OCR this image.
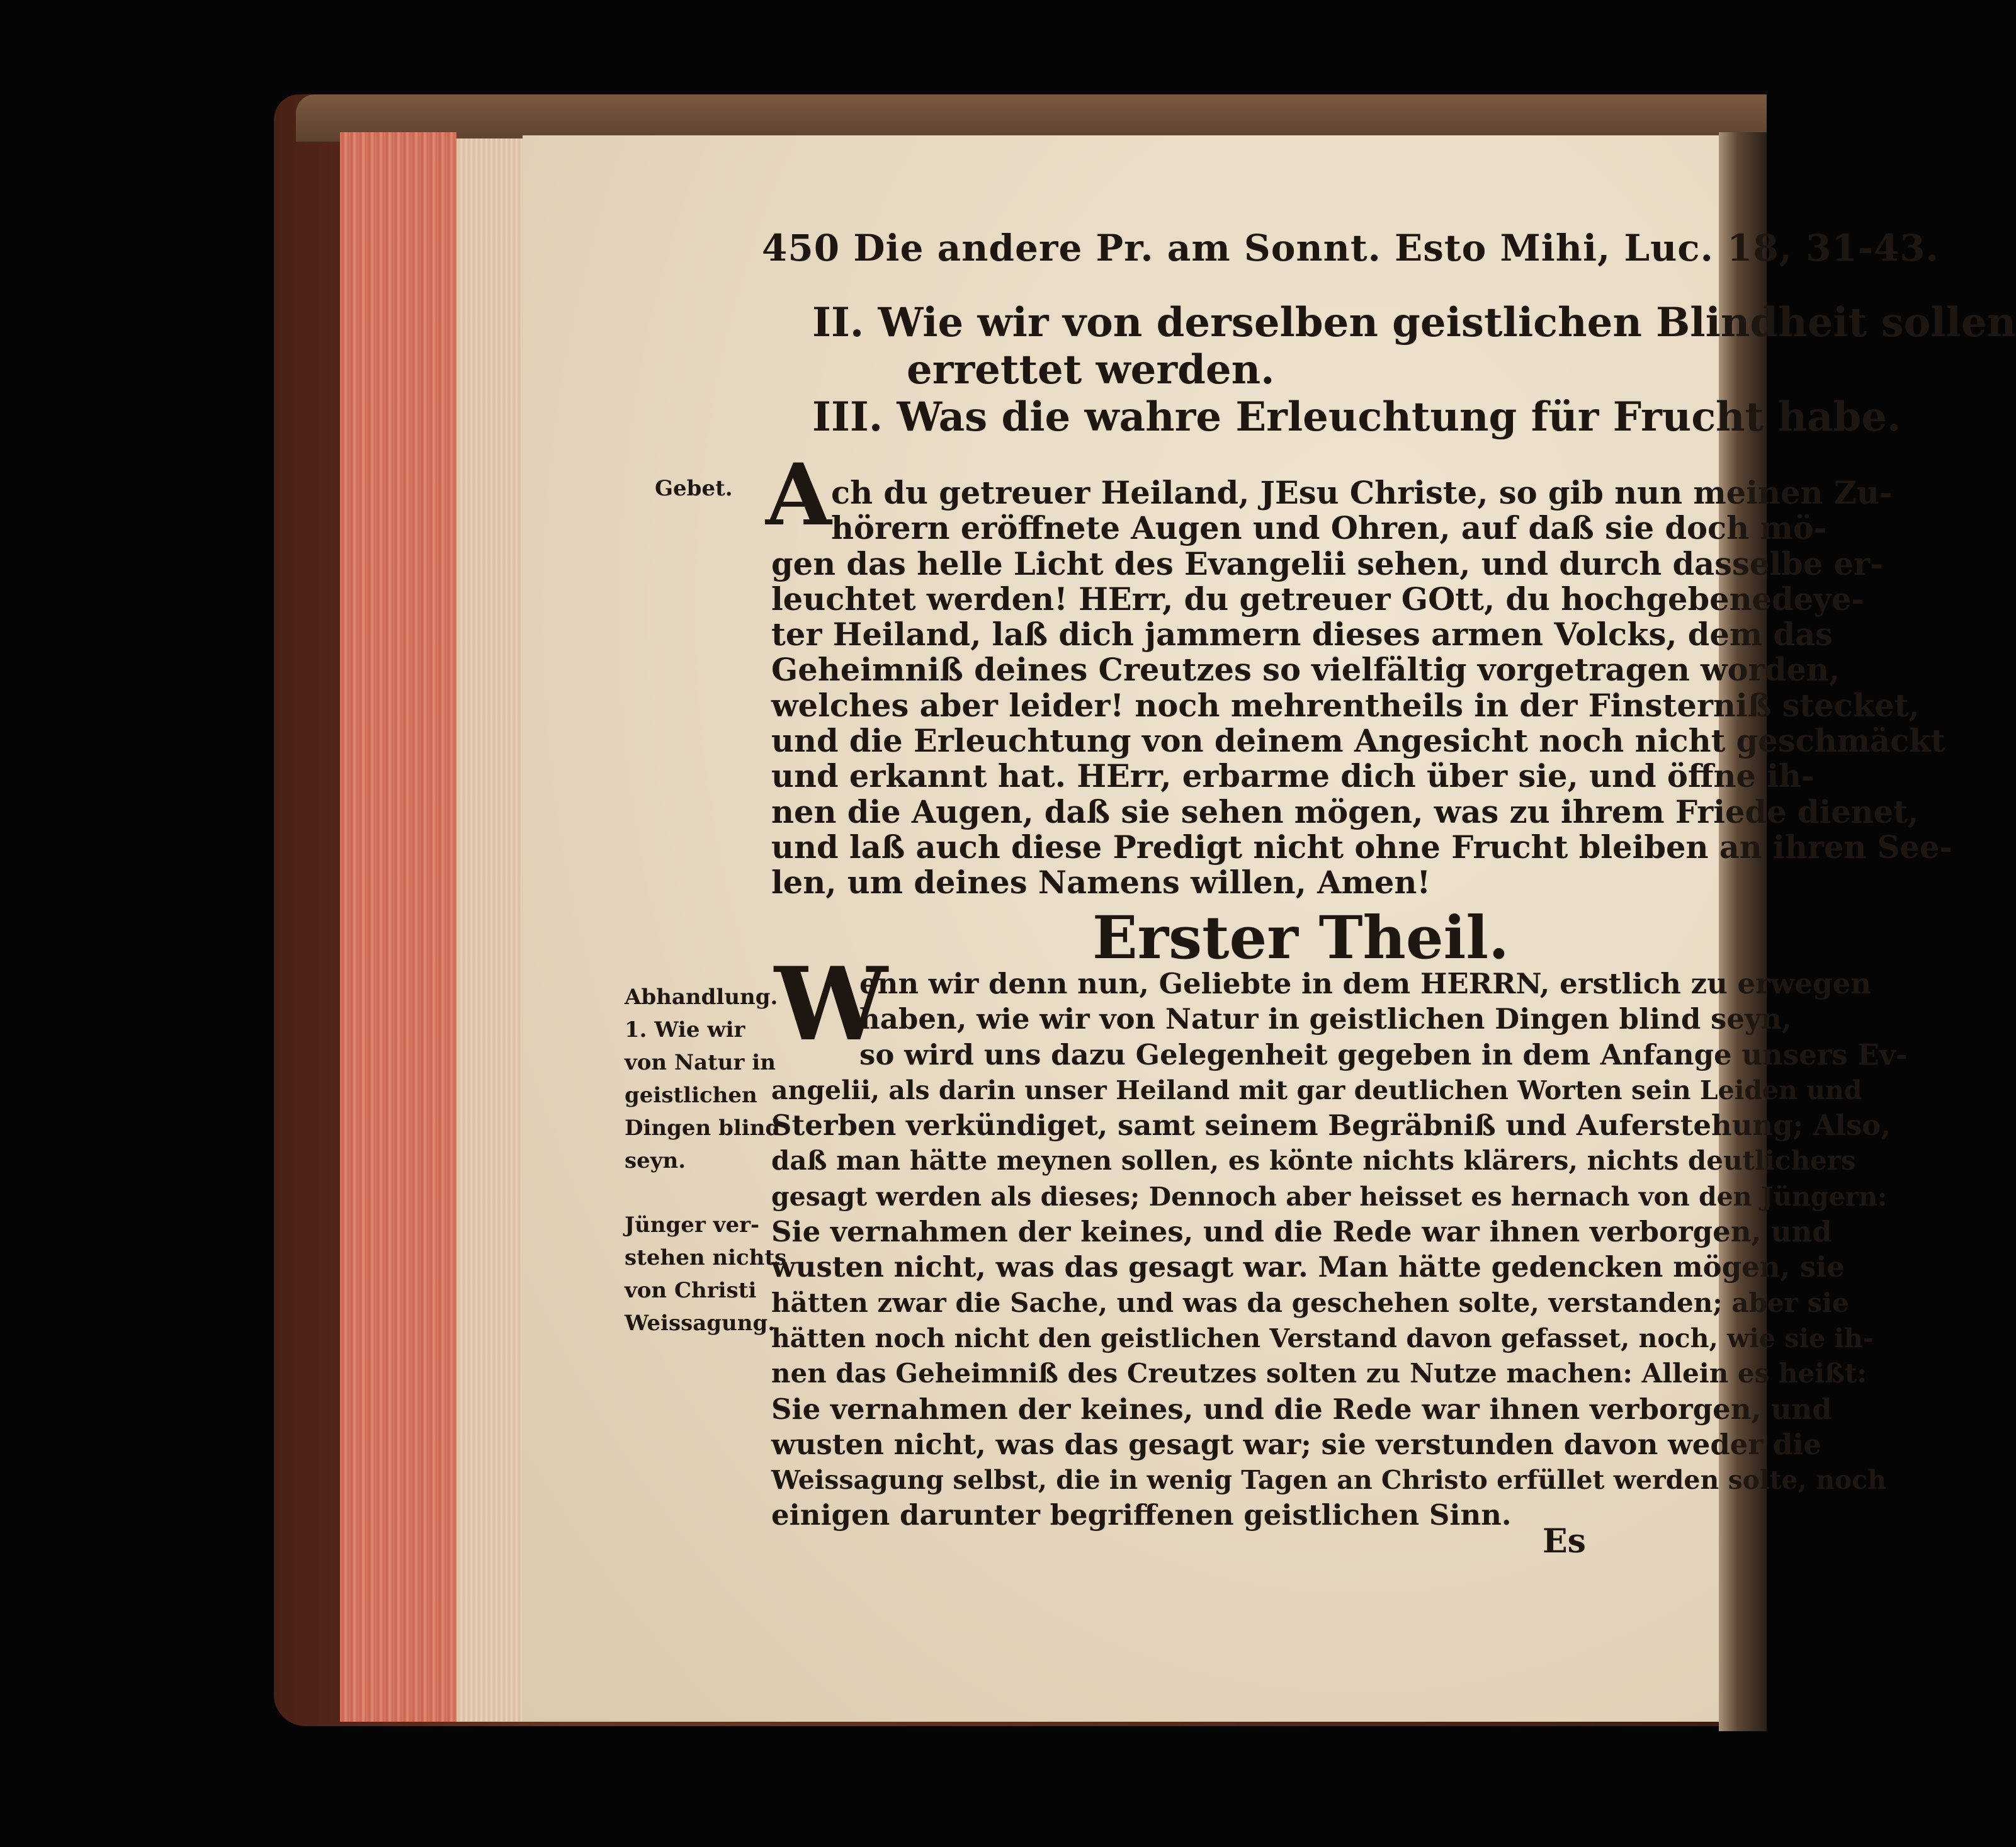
450 Die andere Pr. am Sonnt. Esto Mihi, Luc. 18, 31-43.
II. Wie wir von derselben geistlichen Blindheit sollen
errettet werden.
III. Was die wahre Erleuchtung für Frucht habe.
Gebet.
Abhandlung.
1. Wie wir
von Natur in
geistlichen
Dingen blind
seyn.
Jünger ver-
stehen nichts
von Christi
Weissagung.
A ch du getreuer Heiland, JEsu Christe, so gib nun meinen Zu-
hörern eröffnete Augen und Ohren, auf daß sie doch mö-
gen das helle Licht des Evangelii sehen, und durch dasselbe er-
leuchtet werden! HErr, du getreuer GOtt, du hochgebenedeye-
ter Heiland, laß dich jammern dieses armen Volcks, dem das
Geheimniß deines Creutzes so vielfältig vorgetragen worden,
welches aber leider! noch mehrentheils in der Finsterniß stecket,
und die Erleuchtung von deinem Angesicht noch nicht geschmäckt
und erkannt hat. HErr, erbarme dich über sie, und öffne ih-
nen die Augen, daß sie sehen mögen, was zu ihrem Friede dienet,
und laß auch diese Predigt nicht ohne Frucht bleiben an ihren Seе-
len, um deines Namens willen, Amen!
Erster Theil.
W
enn wir denn nun, Geliebte in dem HERRN, erstlich zu erwegen
haben, wie wir von Natur in geistlichen Dingen blind seyn,
so wird uns dazu Gelegenheit gegeben in dem Anfange unsers Ev-
angelii, als darin unser Heiland mit gar deutlichen Worten sein Leiden und
Sterben verkündiget, samt seinem Begräbniß und Auferstehung; Also,
daß man hätte meynen sollen, es könte nichts klärers, nichts deutlichers
gesagt werden als dieses; Dennoch aber heisset es hernach von den Jüngern:
Sie vernahmen der keines, und die Rede war ihnen verborgen, und
wusten nicht, was das gesagt war. Man hätte gedencken mögen, sie
hätten zwar die Sache, und was da geschehen solte, verstanden; aber sie
hätten noch nicht den geistlichen Verstand davon gefasset, noch, wie sie ih-
nen das Geheimniß des Creutzes solten zu Nutze machen: Allein es heißt:
Sie vernahmen der keines, und die Rede war ihnen verborgen, und
wusten nicht, was das gesagt war; sie verstunden davon weder die
Weissagung selbst, die in wenig Tagen an Christo erfüllet werden solte, noch
einigen darunter begriffenen geistlichen Sinn.
Es
